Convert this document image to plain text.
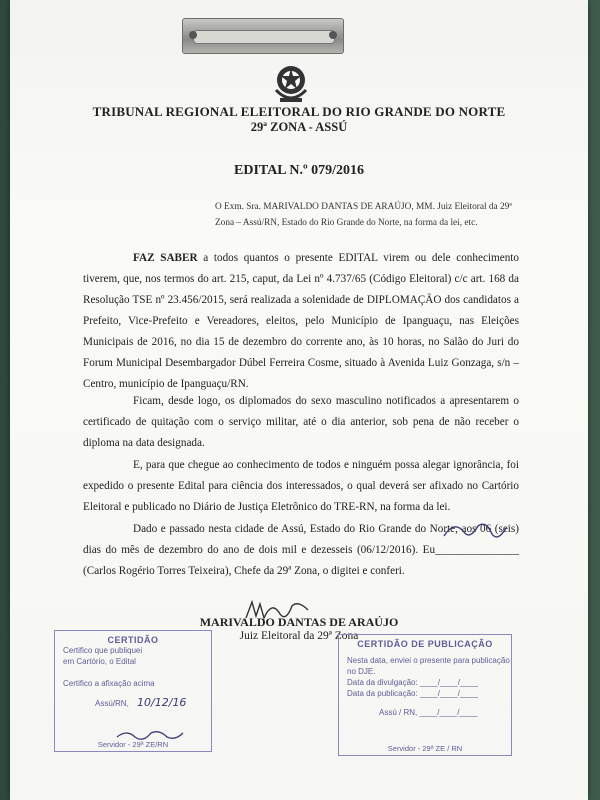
TRIBUNAL REGIONAL ELEITORAL DO RIO GRANDE DO NORTE
29ª ZONA - ASSÚ
EDITAL N.º 079/2016
O Exm. Sra. MARIVALDO DANTAS DE ARAÚJO, MM. Juiz Eleitoral da 29ª Zona – Assú/RN, Estado do Rio Grande do Norte, na forma da lei, etc.
FAZ SABER a todos quantos o presente EDITAL virem ou dele conhecimento tiverem, que, nos termos do art. 215, caput, da Lei nº 4.737/65 (Código Eleitoral) c/c art. 168 da Resolução TSE nº 23.456/2015, será realizada a solenidade de DIPLOMAÇÃO dos candidatos a Prefeito, Vice-Prefeito e Vereadores, eleitos, pelo Município de Ipanguaçu, nas Eleições Municipais de 2016, no dia 15 de dezembro do corrente ano, às 10 horas, no Salão do Juri do Forum Municipal Desembargador Dúbel Ferreira Cosme, situado à Avenida Luiz Gonzaga, s/n – Centro, município de Ipanguaçu/RN.
Ficam, desde logo, os diplomados do sexo masculino notificados a apresentarem o certificado de quitação com o serviço militar, até o dia anterior, sob pena de não receber o diploma na data designada.
E, para que chegue ao conhecimento de todos e ninguém possa alegar ignorância, foi expedido o presente Edital para ciência dos interessados, o qual deverá ser afixado no Cartório Eleitoral e publicado no Diário de Justiça Eletrônico do TRE-RN, na forma da lei.
Dado e passado nesta cidade de Assú, Estado do Rio Grande do Norte, aos 06 (seis) dias do mês de dezembro do ano de dois mil e dezesseis (06/12/2016). Eu_______________ (Carlos Rogério Torres Teixeira), Chefe da 29ª Zona, o digitei e conferi.
MARIVALDO DANTAS DE ARAÚJO
Juiz Eleitoral da 29ª Zona
CERTIDÃO
Certifico que publiquei
em Cartório, o Edital
Certifico a afixação acima
Assú/RN, 10/12/16
Servidor - 29ª ZE/RN
CERTIDÃO DE PUBLICAÇÃO
Nesta data, enviei o presente para publicação
no DJE.
Data da divulgação: ____/____/____
Data da publicação: ____/____/____
Assú / RN, ____/____/____
Servidor - 29ª ZE / RN
